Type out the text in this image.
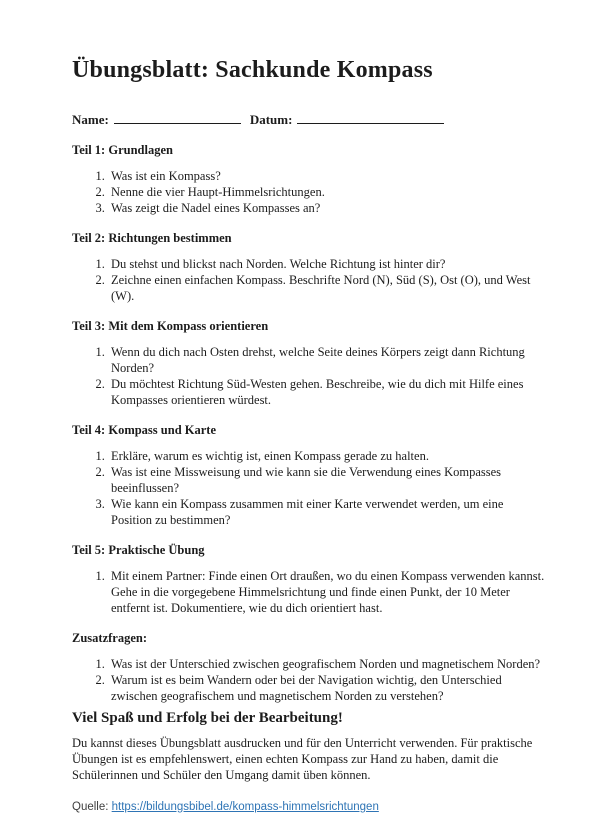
Übungsblatt: Sachkunde Kompass
Name:	Datum:
Teil 1: Grundlagen
1. Was ist ein Kompass?
2. Nenne die vier Haupt-Himmelsrichtungen.
3. Was zeigt die Nadel eines Kompasses an?
Teil 2: Richtungen bestimmen
1. Du stehst und blickst nach Norden. Welche Richtung ist hinter dir?
2. Zeichne einen einfachen Kompass. Beschrifte Nord (N), Süd (S), Ost (O), und West (W).
Teil 3: Mit dem Kompass orientieren
1. Wenn du dich nach Osten drehst, welche Seite deines Körpers zeigt dann Richtung Norden?
2. Du möchtest Richtung Süd-Westen gehen. Beschreibe, wie du dich mit Hilfe eines Kompasses orientieren würdest.
Teil 4: Kompass und Karte
1. Erkläre, warum es wichtig ist, einen Kompass gerade zu halten.
2. Was ist eine Missweisung und wie kann sie die Verwendung eines Kompasses beeinflussen?
3. Wie kann ein Kompass zusammen mit einer Karte verwendet werden, um eine Position zu bestimmen?
Teil 5: Praktische Übung
1. Mit einem Partner: Finde einen Ort draußen, wo du einen Kompass verwenden kannst. Gehe in die vorgegebene Himmelsrichtung und finde einen Punkt, der 10 Meter entfernt ist. Dokumentiere, wie du dich orientiert hast.
Zusatzfragen:
1. Was ist der Unterschied zwischen geografischem Norden und magnetischem Norden?
2. Warum ist es beim Wandern oder bei der Navigation wichtig, den Unterschied zwischen geografischem und magnetischem Norden zu verstehen?
Viel Spaß und Erfolg bei der Bearbeitung!

Du kannst dieses Übungsblatt ausdrucken und für den Unterricht verwenden. Für praktische Übungen ist es empfehlenswert, einen echten Kompass zur Hand zu haben, damit die Schülerinnen und Schüler den Umgang damit üben können.

Quelle: https://bildungsbibel.de/kompass-himmelsrichtungen
